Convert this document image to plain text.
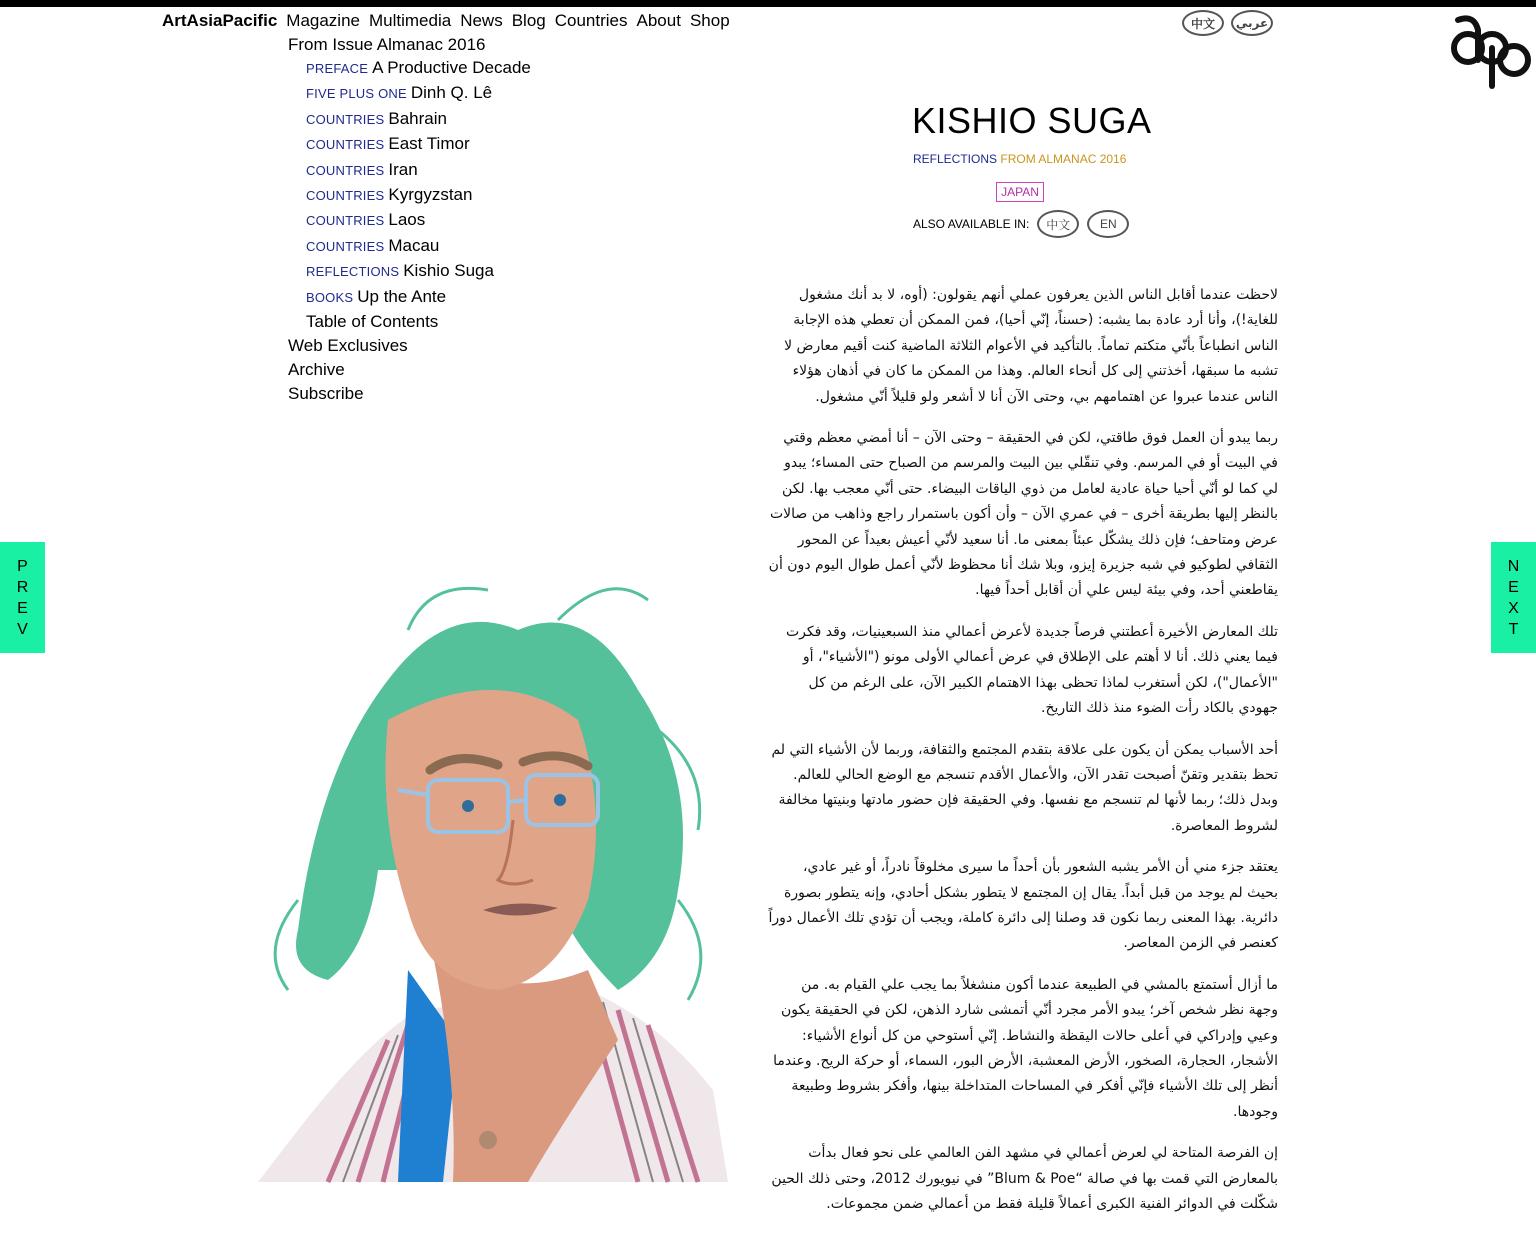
ArtAsiaPacific Magazine Multimedia News Blog Countries About Shop
From Issue Almanac 2016
PREFACE A Productive Decade
FIVE PLUS ONE Dinh Q. Lê
COUNTRIES Bahrain
COUNTRIES East Timor
COUNTRIES Iran
COUNTRIES Kyrgyzstan
COUNTRIES Laos
COUNTRIES Macau
REFLECTIONS Kishio Suga
BOOKS Up the Ante
Table of Contents
Web Exclusives
Archive
Subscribe
中文	عربي
P
R
E
V
N
E
X
T
KISHIO SUGA
REFLECTIONS FROM ALMANAC 2016
JAPAN
ALSO AVAILABLE IN:	中文	EN

لاحظت عندما أقابل الناس الذين يعرفون عملي أنهم يقولون: (أوه، لا بد أنك مشغول للغاية!)، وأنا أرد عادة بما يشبه: (حسناً، إنّي أحيا)، فمن الممكن أن تعطي هذه الإجابة الناس انطباعاً بأنّي متكتم تماماً. بالتأكيد في الأعوام الثلاثة الماضية كنت أقيم معارض لا تشبه ما سبقها، أخذتني إلى كل أنحاء العالم. وهذا من الممكن ما كان في أذهان هؤلاء الناس عندما عبروا عن اهتمامهم بي، وحتى الآن أنا لا أشعر ولو قليلاً أنّي مشغول.

ربما يبدو أن العمل فوق طاقتي، لكن في الحقيقة – وحتى الآن – أنا أمضي معظم وقتي في البيت أو في المرسم. وفي تنقّلي بين البيت والمرسم من الصباح حتى المساء؛ يبدو لي كما لو أنّي أحيا حياة عادية لعامل من ذوي الياقات البيضاء. حتى أنّي معجب بها. لكن بالنظر إليها بطريقة أخرى – في عمري الآن – وأن أكون باستمرار راجع وذاهب من صالات عرض ومتاحف؛ فإن ذلك يشكّل عبئاً بمعنى ما. أنا سعيد لأنّي أعيش بعيداً عن المحور الثقافي لطوكيو في شبه جزيرة إيزو، وبلا شك أنا محظوظ لأنّي أعمل طوال اليوم دون أن يقاطعني أحد، وفي بيئة ليس علي أن أقابل أحداً فيها.

تلك المعارض الأخيرة أعطتني فرصاً جديدة لأعرض أعمالي منذ السبعينيات، وقد فكرت فيما يعني ذلك. أنا لا أهتم على الإطلاق في عرض أعمالي الأولى مونو ("الأشياء"، أو "الأعمال")، لكن أستغرب لماذا تحظى بهذا الاهتمام الكبير الآن، على الرغم من كل جهودي بالكاد رأت الضوء منذ ذلك التاريخ.

أحد الأسباب يمكن أن يكون على علاقة بتقدم المجتمع والثقافة، وربما لأن الأشياء التي لم تحظ بتقدير وتقنّ أصبحت تقدر الآن، والأعمال الأقدم تنسجم مع الوضع الحالي للعالم. وبدل ذلك؛ ربما لأنها لم تنسجم مع نفسها. وفي الحقيقة فإن حضور مادتها وبنيتها مخالفة لشروط المعاصرة.

يعتقد جزء مني أن الأمر يشبه الشعور بأن أحداً ما سيرى مخلوقاً نادراً، أو غير عادي، بحيث لم يوجد من قبل أبداً. يقال إن المجتمع لا يتطور بشكل أحادي، وإنه يتطور بصورة دائرية. بهذا المعنى ربما نكون قد وصلنا إلى دائرة كاملة، ويجب أن تؤدي تلك الأعمال دوراً كعنصر في الزمن المعاصر.

ما أزال أستمتع بالمشي في الطبيعة عندما أكون منشغلاً بما يجب علي القيام به. من وجهة نظر شخص آخر؛ يبدو الأمر مجرد أنّي أتمشى شارد الذهن، لكن في الحقيقة يكون وعيي وإدراكي في أعلى حالات اليقظة والنشاط. إنّي أستوحي من كل أنواع الأشياء: الأشجار، الحجارة، الصخور، الأرض المعشبة، الأرض البور، السماء، أو حركة الريح. وعندما أنظر إلى تلك الأشياء فإنّي أفكر في المساحات المتداخلة بينها، وأفكر بشروط وطبيعة وجودها.

إن الفرصة المتاحة لي لعرض أعمالي في مشهد الفن العالمي على نحو فعال بدأت بالمعارض التي قمت بها في صالة “Blum & Poe” في نيويورك 2012، وحتى ذلك الحين شكّلت في الدوائر الفنية الكبرى أعمالاً قليلة فقط من أعمالي ضمن مجموعات.
